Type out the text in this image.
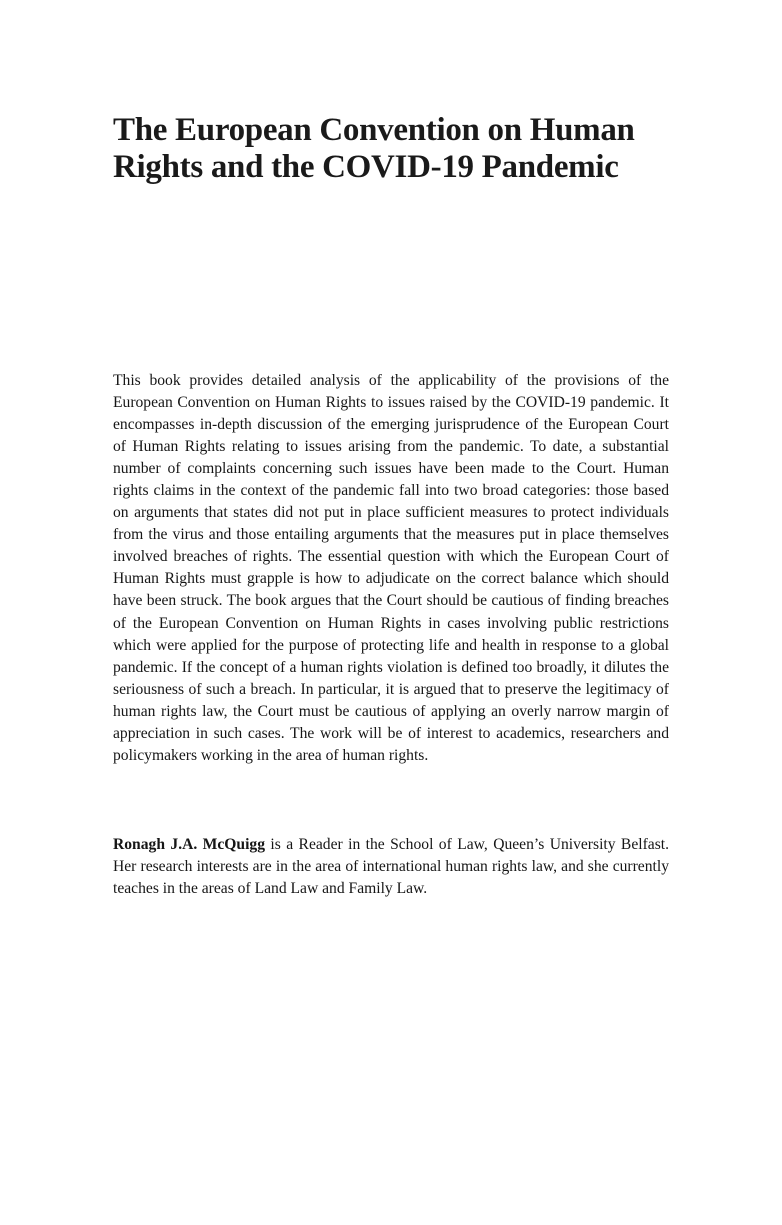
The European Convention on Human
Rights and the COVID-19 Pandemic

This book provides detailed analysis of the applicability of the provisions of the European Convention on Human Rights to issues raised by the COVID-19 pandemic. It encompasses in-depth discussion of the emerging jurisprudence of the European Court of Human Rights relating to issues arising from the pandemic. To date, a substantial number of complaints concerning such issues have been made to the Court. Human rights claims in the context of the pandemic fall into two broad categories: those based on arguments that states did not put in place sufficient measures to protect individuals from the virus and those entailing arguments that the measures put in place themselves involved breaches of rights. The essential question with which the European Court of Human Rights must grapple is how to adjudicate on the correct balance which should have been struck. The book argues that the Court should be cautious of finding breaches of the European Convention on Human Rights in cases involving public restrictions which were applied for the purpose of protecting life and health in response to a global pandemic. If the concept of a human rights violation is defined too broadly, it dilutes the seriousness of such a breach. In particular, it is argued that to preserve the legitimacy of human rights law, the Court must be cautious of applying an overly narrow margin of appreciation in such cases. The work will be of interest to academics, researchers and policymakers working in the area of human rights.

Ronagh J.A. McQuigg is a Reader in the School of Law, Queen’s University Belfast. Her research interests are in the area of international human rights law, and she currently teaches in the areas of Land Law and Family Law.
